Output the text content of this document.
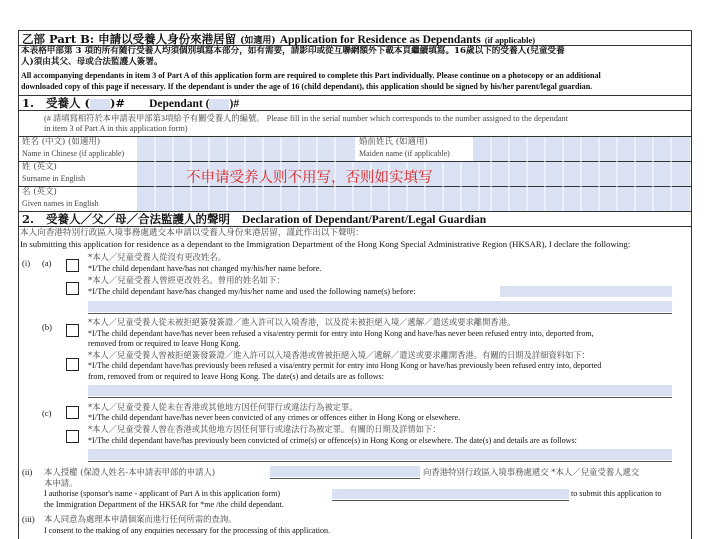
乙部 Part B: 申請以受養人身份來港居留 (如適用) Application for Residence as Dependants (if applicable)
本表格甲部第 3 項的所有隨行受養人均須個別填寫本部分，如有需要，請影印或從互聯網額外下載本頁繼續填寫。16歲以下的受養人(兒童受養
人)須由其父、母或合法監護人簽署。
All accompanying dependants in item 3 of Part A of this application form are required to complete this Part individually. Please continue on a photocopy or an additional
downloaded copy of this page if necessary. If the dependant is under the age of 16 (child dependant), this application should be signed by his/her parent/legal guardian.
1. 受養人 ( )# Dependant ( )#
(# 請填寫相符於本申請表甲部第3項給予有關受養人的編號。 Please fill in the serial number which corresponds to the number assigned to the dependant
in item 3 of Part A in this application form)
姓名 (中文) (如適用)
Name in Chinese (if applicable)
婚前姓氏 (如適用)
Maiden name (if applicable)
姓 (英文)
Surname in English
名 (英文)
Given names in English
不申请受养人则不用写，否则如实填写
2. 受養人／父／母／合法監護人的聲明 Declaration of Dependant/Parent/Legal Guardian
本人向香港特別行政區入境事務處遞交本申請以受養人身份來港居留，謹此作出以下聲明：
In submitting this application for residence as a dependant to the Immigration Department of the Hong Kong Special Administrative Region (HKSAR), I declare the following:
(i) (a)
*本人／兒童受養人從沒有更改姓名。
*I/The child dependant have/has not changed my/his/her name before.
*本人／兒童受養人曾經更改姓名。曾用的姓名如下：
*I/The child dependant have/has changed my/his/her name and used the following name(s) before:
(b)	*本人／兒童受養人從未被拒絕簽發簽證／進入許可以入境香港，以及從未被拒絕入境／遞解／遣送或要求離開香港。
*I/The child dependant have/has never been refused a visa/entry permit for entry into Hong Kong and have/has never been refused entry into, deported from,
removed from or required to leave Hong Kong.
*本人／兒童受養人曾被拒絕簽發簽證／進入許可以入境香港或曾被拒絕入境／遞解／遣送或要求離開香港。有關的日期及詳細資料如下：
*I/The child dependant have/has previously been refused a visa/entry permit for entry into Hong Kong or have/has previously been refused entry into, deported
from, removed from or required to leave Hong Kong. The date(s) and details are as follows:
(c)
*本人／兒童受養人從未在香港或其他地方因任何罪行或違法行為被定罪。
*I/The child dependant have/has never been convicted of any crimes or offences either in Hong Kong or elsewhere.
*本人／兒童受養人曾在香港或其他地方因任何罪行或違法行為被定罪。有關的日期及詳情如下：
*I/The child dependant have/has previously been convicted of crime(s) or offence(s) in Hong Kong or elsewhere. The date(s) and details are as follows:
(ii) 本人授權 (保證人姓名-本申請表甲部的申請人)	向香港特別行政區入境事務處遞交 *本人／兒童受養人遞交
本申請。
I authorise (sponsor's name - applicant of Part A in this application form)	to submit this application to
the Immigration Department of the HKSAR for *me /the child dependant.
(iii) 本人同意為處理本申請個案而進行任何所需的查詢。
I consent to the making of any enquiries necessary for the processing of this application.
